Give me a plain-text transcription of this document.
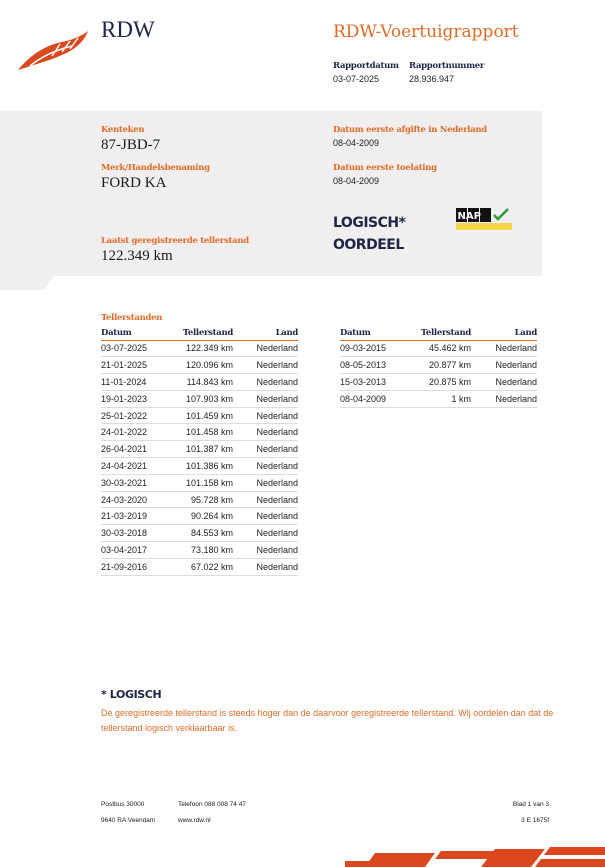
RDW	RDW-Voertuigrapport
Rapportdatum
03-07-2025
Rapportnummer
28.936.947
Kenteken
87-JBD-7
Merk/Handelsbenaming
FORD KA
Laatst geregistreerde tellerstand
122.349 km
Datum eerste afgifte in Nederland
08-04-2009
Datum eerste toelating
08-04-2009
LOGISCH*
OORDEEL
NAP
Tellerstanden
Datum	Tellerstand	Land
03-07-2025	122.349 km	Nederland
21-01-2025	120.096 km	Nederland
11-01-2024	114.843 km	Nederland
19-01-2023	107.903 km	Nederland
25-01-2022	101.459 km	Nederland
24-01-2022	101.458 km	Nederland
26-04-2021	101.387 km	Nederland
24-04-2021	101.386 km	Nederland
30-03-2021	101.158 km	Nederland
24-03-2020	95.728 km	Nederland
21-03-2019	90.264 km	Nederland
30-03-2018	84.553 km	Nederland
03-04-2017	73.180 km	Nederland
21-09-2016	67.022 km	Nederland
Datum	Tellerstand	Land
09-03-2015	45.462 km	Nederland
08-05-2013	20.877 km	Nederland
15-03-2013	20.875 km	Nederland
08-04-2009	1 km	Nederland
* LOGISCH
De geregistreerde tellerstand is steeds hoger dan de daarvoor geregistreerde tellerstand. Wij oordelen dan dat de tellerstand logisch verklaarbaar is.
Postbus 30000
9640 RA Veendam
Telefoon 088 008 74 47
www.rdw.nl
Blad 1 van 3
3 E 1675f
